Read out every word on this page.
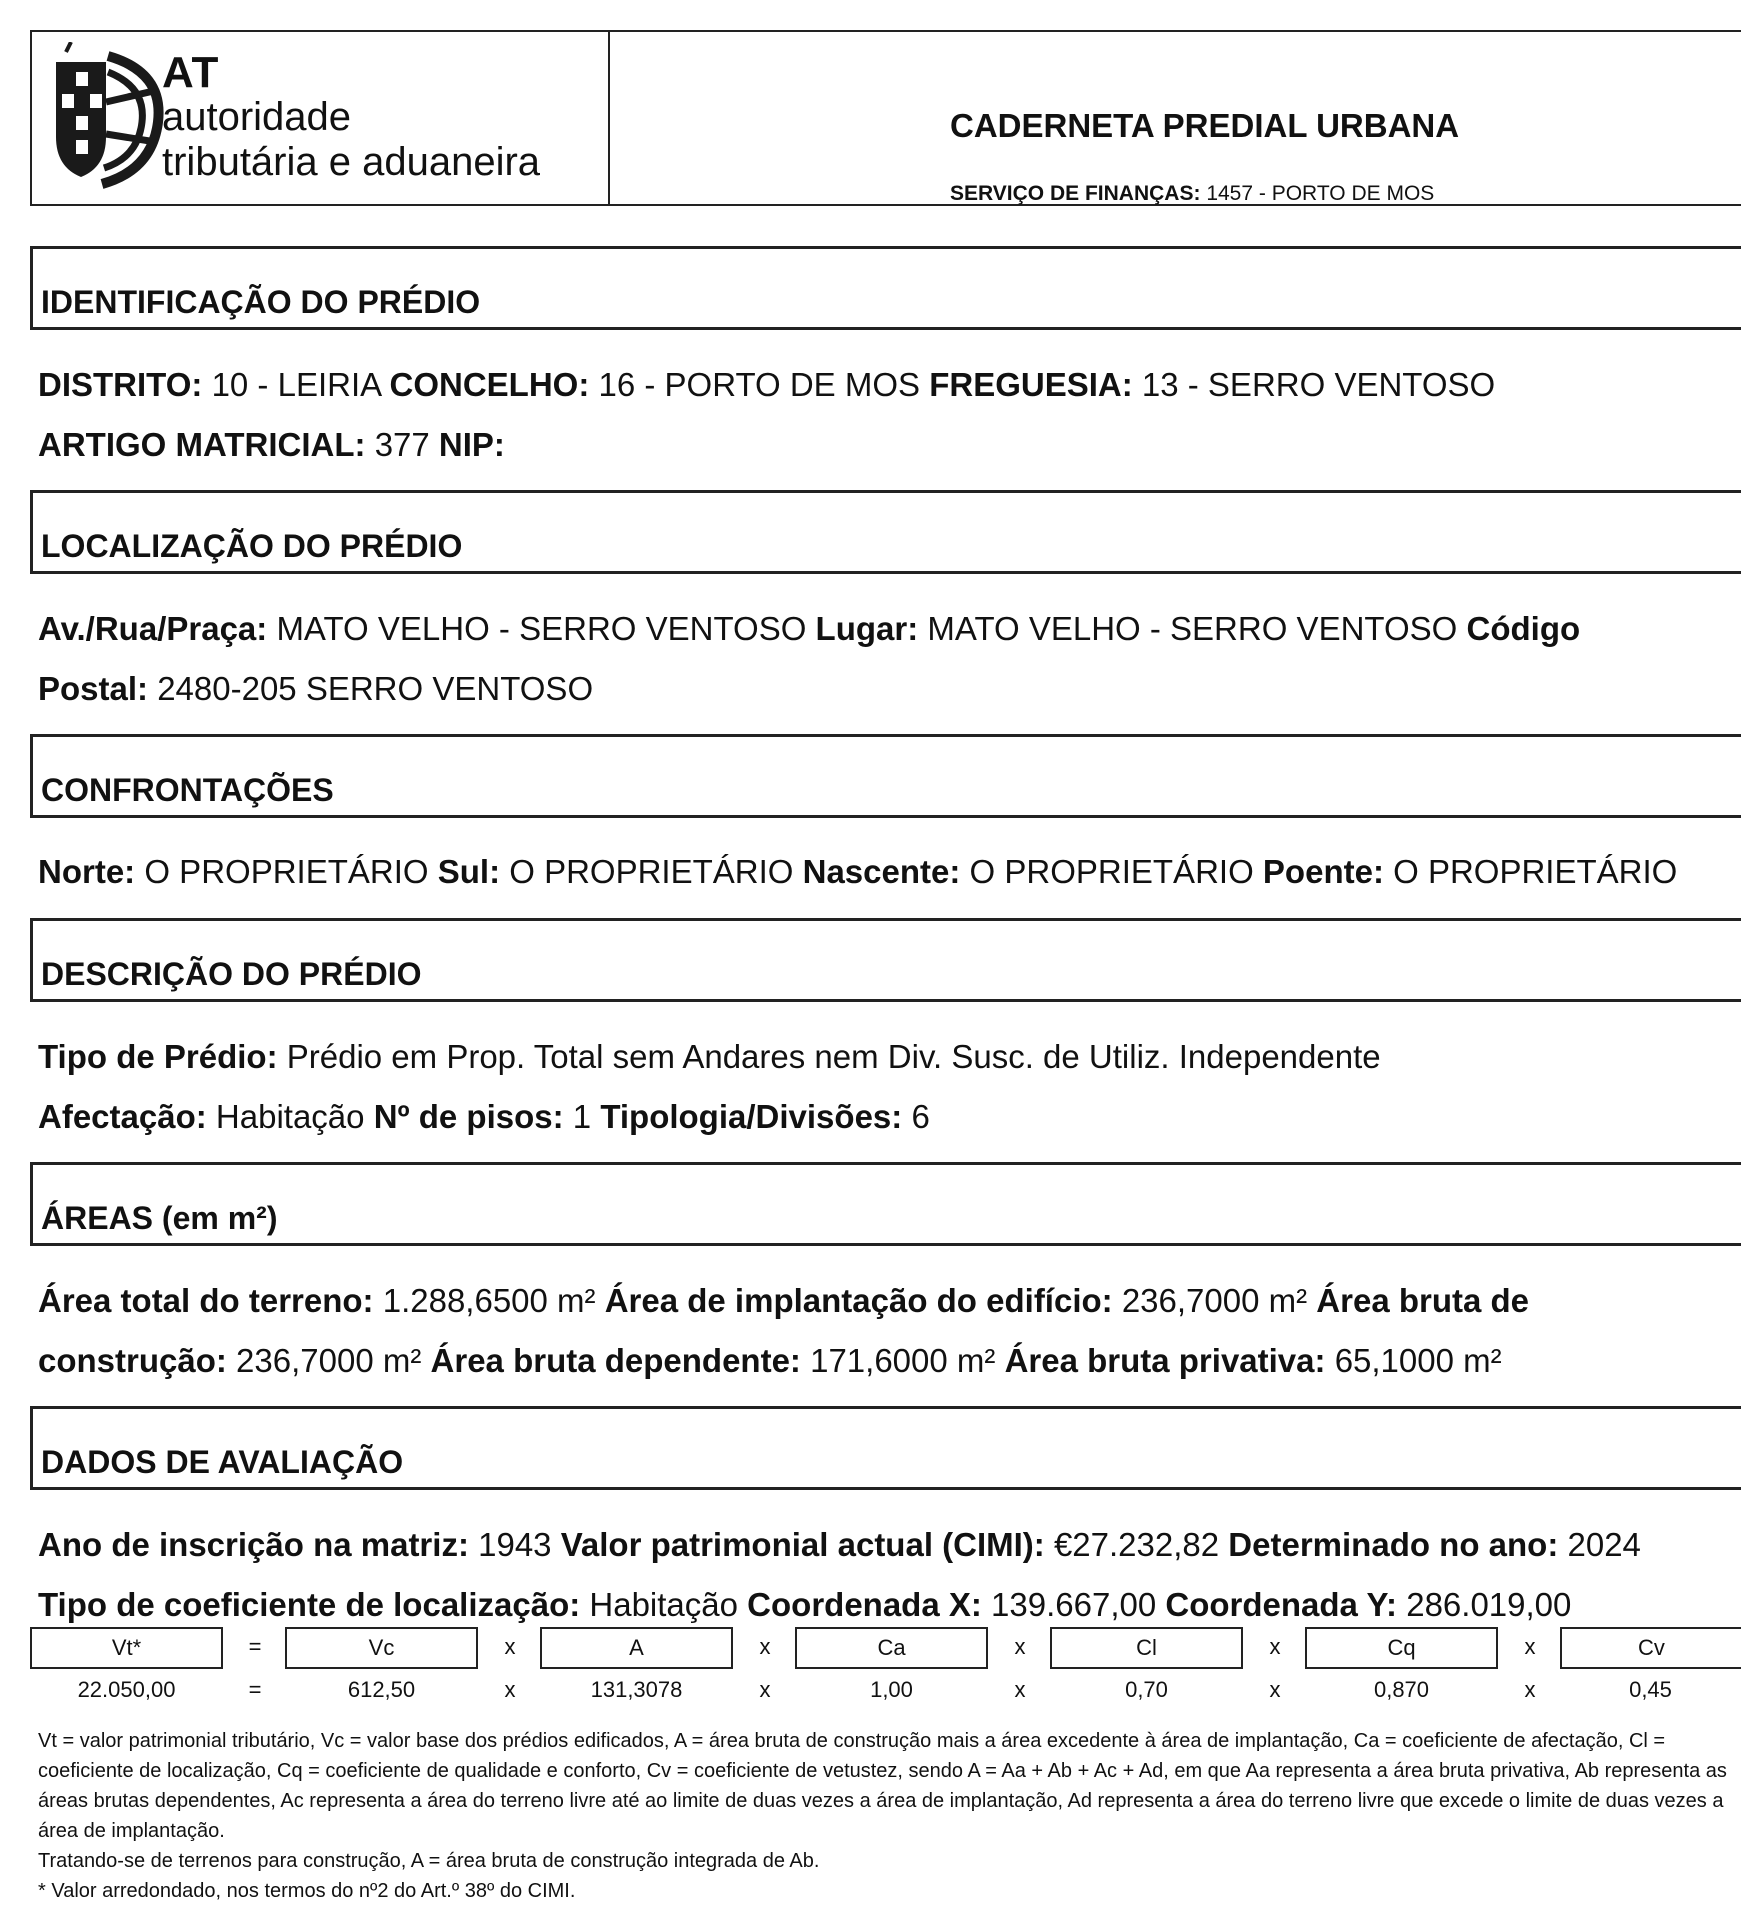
AT
autoridade
tributária e aduaneira
CADERNETA PREDIAL URBANA
SERVIÇO DE FINANÇAS: 1457 - PORTO DE MOS
IDENTIFICAÇÃO DO PRÉDIO
DISTRITO: 10 - LEIRIA CONCELHO: 16 - PORTO DE MOS FREGUESIA: 13 - SERRO VENTOSO
ARTIGO MATRICIAL: 377 NIP:
LOCALIZAÇÃO DO PRÉDIO
Av./Rua/Praça: MATO VELHO - SERRO VENTOSO Lugar: MATO VELHO - SERRO VENTOSO Código
Postal: 2480-205 SERRO VENTOSO
CONFRONTAÇÕES
Norte: O PROPRIETÁRIO Sul: O PROPRIETÁRIO Nascente: O PROPRIETÁRIO Poente: O PROPRIETÁRIO
DESCRIÇÃO DO PRÉDIO
Tipo de Prédio: Prédio em Prop. Total sem Andares nem Div. Susc. de Utiliz. Independente
Afectação: Habitação Nº de pisos: 1 Tipologia/Divisões: 6
ÁREAS (em m²)
Área total do terreno: 1.288,6500 m² Área de implantação do edifício: 236,7000 m² Área bruta de
construção: 236,7000 m² Área bruta dependente: 171,6000 m² Área bruta privativa: 65,1000 m²
DADOS DE AVALIAÇÃO
Ano de inscrição na matriz: 1943 Valor patrimonial actual (CIMI): €27.232,82 Determinado no ano: 2024
Tipo de coeficiente de localização: Habitação Coordenada X: 139.667,00 Coordenada Y: 286.019,00
Vt*	=	Vc	x	A	x	Ca	x	Cl	x	Cq	x	Cv
22.050,00	=	612,50	x	131,3078	x	1,00	x	0,70	x	0,870	x	0,45

Vt = valor patrimonial tributário, Vc = valor base dos prédios edificados, A = área bruta de construção mais a área excedente à área de implantação, Ca = coeficiente de afectação, Cl = coeficiente de localização, Cq = coeficiente de qualidade e conforto, Cv = coeficiente de vetustez, sendo A = Aa + Ab + Ac + Ad, em que Aa representa a área bruta privativa, Ab representa as áreas brutas dependentes, Ac representa a área do terreno livre até ao limite de duas vezes a área de implantação, Ad representa a área do terreno livre que excede o limite de duas vezes a área de implantação.

Tratando-se de terrenos para construção, A = área bruta de construção integrada de Ab.

* Valor arredondado, nos termos do nº2 do Art.º 38º do CIMI.
